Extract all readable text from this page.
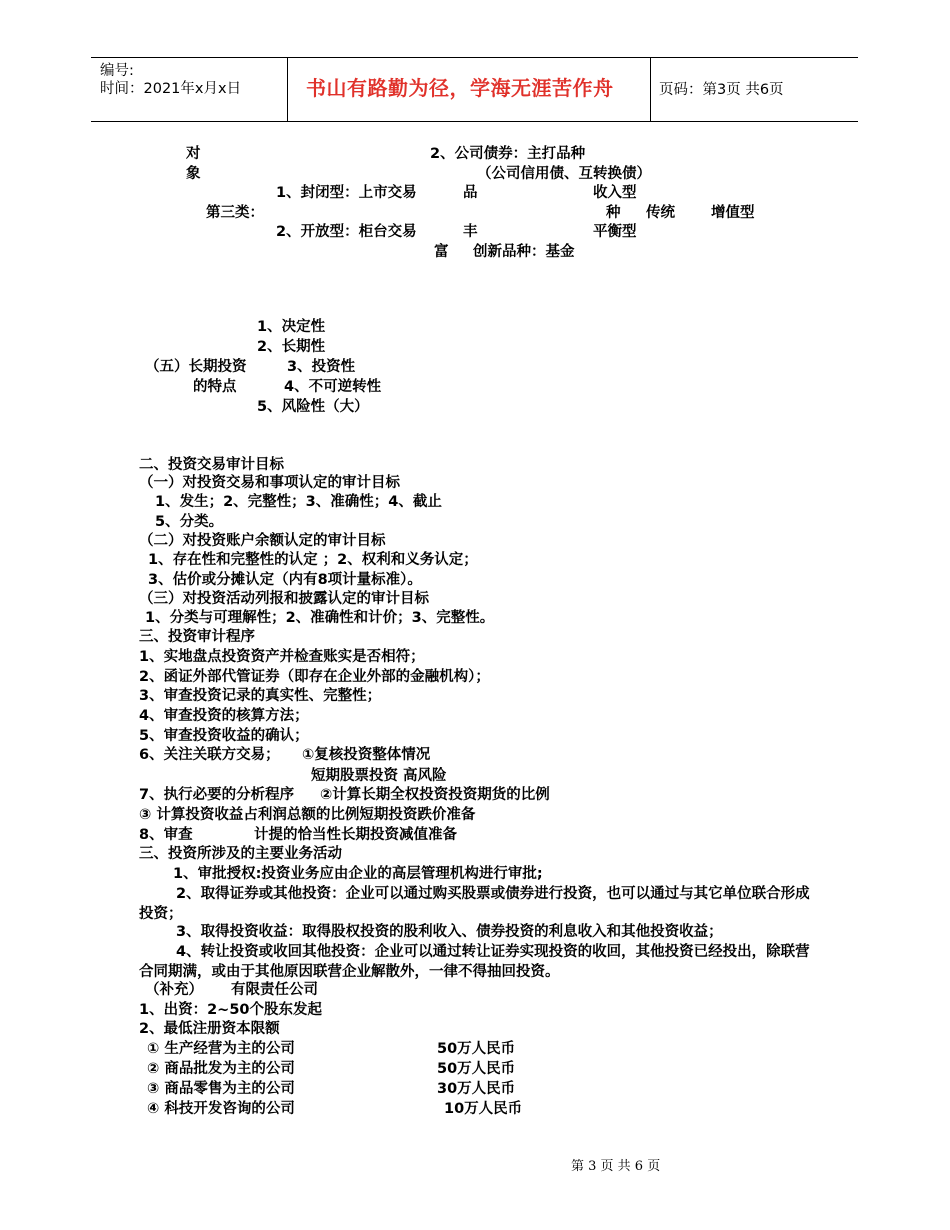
编号:
时间：2021年x月x日	书山有路勤为径，学海无涯苦作舟	页码：第3页 共6页
对
象
2、公司债券：主打品种
（公司信用债、互转换债）
1、封闭型：上市交易	品	收入型
第三类：	种 传统 增值型
2、开放型：柜台交易	丰	平衡型
富 创新品种：基金
1、决定性
2、长期性
（五）长期投资	3、投资性
的特点	4、不可逆转性
5、风险性（大）
二、投资交易审计目标
（一）对投资交易和事项认定的审计目标
1、发生；2、完整性；3、准确性；4、截止
5、分类。
（二）对投资账户余额认定的审计目标
1、存在性和完整性的认定 ；2、权利和义务认定；
3、估价或分摊认定（内有8项计量标准）。
（三）对投资活动列报和披露认定的审计目标
1、分类与可理解性；2、准确性和计价；3、完整性。
三、投资审计程序
1、实地盘点投资资产并检查账实是否相符；
2、函证外部代管证券（即存在企业外部的金融机构）；
3、审查投资记录的真实性、完整性；
4、审查投资的核算方法；
5、审查投资收益的确认；
6、关注关联方交易； ①复核投资整体情况
短期股票投资 高风险
7、执行必要的分析程序 ②计算长期全权投资投资期货的比例
③ 计算投资收益占利润总额的比例短期投资跌价准备
8、审查	计提的恰当性长期投资减值准备
三、投资所涉及的主要业务活动
1、审批授权:投资业务应由企业的高层管理机构进行审批;
2、取得证券或其他投资：企业可以通过购买股票或债券进行投资，也可以通过与其它单位联合形成投资；
3、取得投资收益：取得股权投资的股利收入、债券投资的利息收入和其他投资收益；
4、转让投资或收回其他投资：企业可以通过转让证券实现投资的收回，其他投资已经投出，除联营合同期满，或由于其他原因联营企业解散外，一律不得抽回投资。
（补充） 有限责任公司
1、出资：2~50个股东发起
2、最低注册资本限额
① 生产经营为主的公司	50万人民币
② 商品批发为主的公司	50万人民币
③ 商品零售为主的公司	30万人民币
④ 科技开发咨询的公司	10万人民币
第 3 页 共 6 页
